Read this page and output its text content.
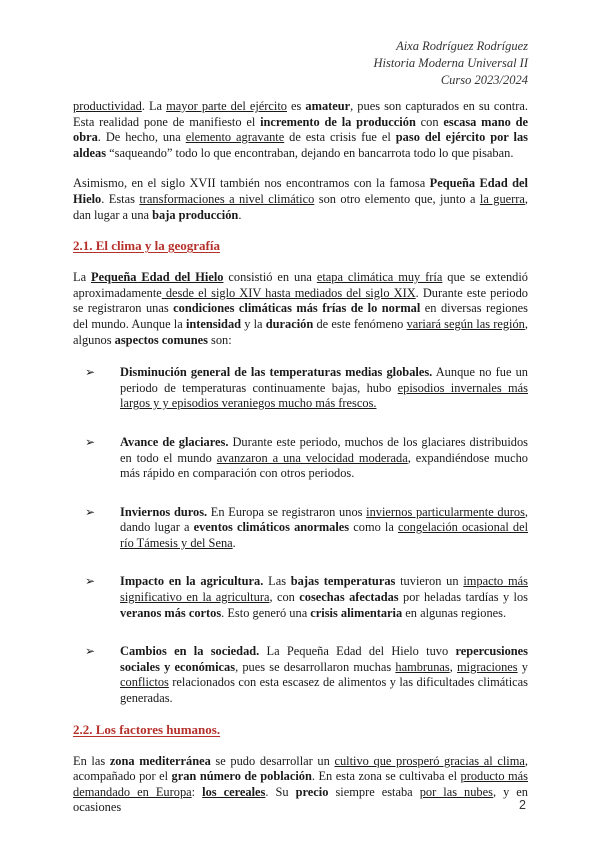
Aixa Rodríguez Rodríguez
Historia Moderna Universal II
Curso 2023/2024

productividad. La mayor parte del ejército es amateur, pues son capturados en su contra. Esta realidad pone de manifiesto el incremento de la producción con escasa mano de obra. De hecho, una elemento agravante de esta crisis fue el paso del ejército por las aldeas “saqueando” todo lo que encontraban, dejando en bancarrota todo lo que pisaban.

Asimismo, en el siglo XVII también nos encontramos con la famosa Pequeña Edad del Hielo. Estas transformaciones a nivel climático son otro elemento que, junto a la guerra, dan lugar a una baja producción.

2.1. El clima y la geografía

La Pequeña Edad del Hielo consistió en una etapa climática muy fría que se extendió aproximadamente desde el siglo XIV hasta mediados del siglo XIX. Durante este periodo se registraron unas condiciones climáticas más frías de lo normal en diversas regiones del mundo. Aunque la intensidad y la duración de este fenómeno variará según las región, algunos aspectos comunes son:

➢ Disminución general de las temperaturas medias globales. Aunque no fue un periodo de temperaturas continuamente bajas, hubo episodios invernales más largos y y episodios veraniegos mucho más frescos.
➢ Avance de glaciares. Durante este periodo, muchos de los glaciares distribuidos en todo el mundo avanzaron a una velocidad moderada, expandiéndose mucho más rápido en comparación con otros periodos.
➢ Inviernos duros. En Europa se registraron unos inviernos particularmente duros, dando lugar a eventos climáticos anormales como la congelación ocasional del río Támesis y del Sena.
➢ Impacto en la agricultura. Las bajas temperaturas tuvieron un impacto más significativo en la agricultura, con cosechas afectadas por heladas tardías y los veranos más cortos. Esto generó una crisis alimentaria en algunas regiones.
➢ Cambios en la sociedad. La Pequeña Edad del Hielo tuvo repercusiones sociales y económicas, pues se desarrollaron muchas hambrunas, migraciones y conflictos relacionados con esta escasez de alimentos y las dificultades climáticas generadas.
2.2. Los factores humanos.

En las zona mediterránea se pudo desarrollar un cultivo que prosperó gracias al clima, acompañado por el gran número de población. En esta zona se cultivaba el producto más demandado en Europa: los cereales. Su precio siempre estaba por las nubes, y en ocasiones	2
